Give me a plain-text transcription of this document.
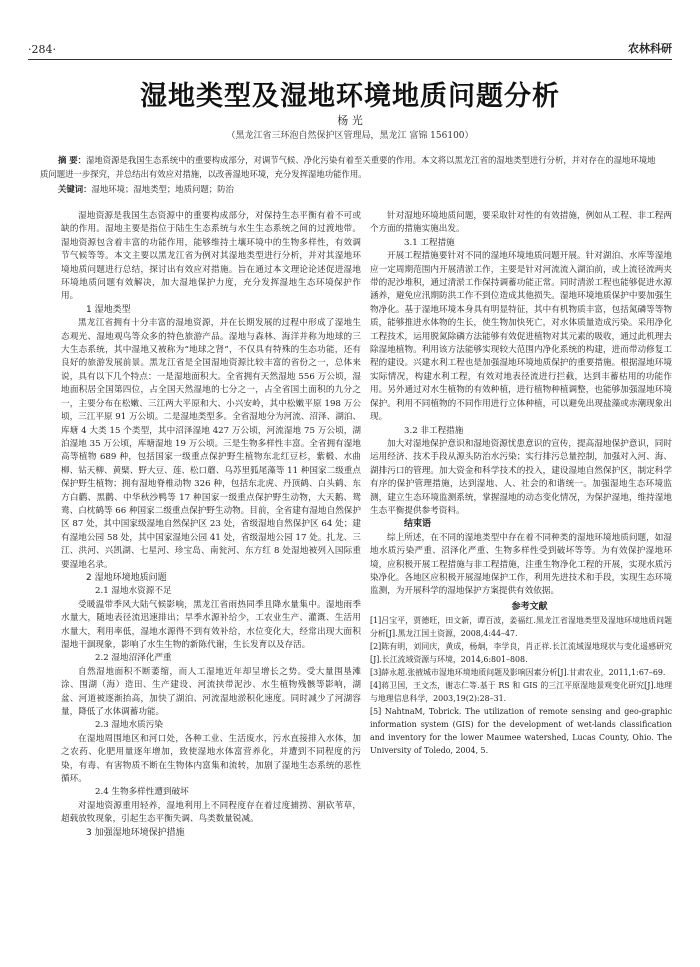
·284·	农林科研
湿地类型及湿地环境地质问题分析
杨 光
（黑龙江省三环泡自然保护区管理局，黑龙江 富锦 156100）
摘 要：湿地资源是我国生态系统中的重要构成部分，对调节气候、净化污染有着至关重要的作用。本文将以黑龙江省的湿地类型进行分析，并对存在的湿地环境地质问题进一步探究，并总结出有效应对措施，以改善湿地环境，充分发挥湿地功能作用。
关键词：湿地环境；湿地类型；地质问题；防治

湿地资源是我国生态资源中的重要构成部分，对保持生态平衡有着不可或缺的作用。湿地主要是指位于陆生生态系统与水生生态系统之间的过渡地带。湿地资源包含着丰富的功能作用，能够维持土壤环境中的生物多样性，有效调节气候等等。本文主要以黑龙江省为例对其湿地类型进行分析，并对其湿地环境地质问题进行总结，探讨出有效应对措施。旨在通过本文理论论述促进湿地环境地质问题有效解决，加大湿地保护力度，充分发挥湿地生态环境保护作用。

1 湿地类型

黑龙江省拥有十分丰富的湿地资源，并在长期发展的过程中形成了湿地生态观光、湿地观鸟等众多的特色旅游产品。湿地与森林、海洋并称为地球的三大生态系统，其中湿地又被称为“地球之肾”，不仅具有特殊的生态功能，还有良好的旅游发展前景。黑龙江省是全国湿地资源比较丰富的省份之一，总体来说，具有以下几个特点：一是湿地面积大。全省拥有天然湿地 556 万公顷，湿地面积居全国第四位，占全国天然湿地的七分之一，占全省国土面积的九分之一，主要分布在松嫩、三江两大平原和大、小兴安岭，其中松嫩平原 198 万公顷，三江平原 91 万公顷。二是湿地类型多。全省湿地分为河流、沼泽、湖泊、库塘 4 大类 15 个类型，其中沼泽湿地 427 万公顷，河流湿地 75 万公顷，湖泊湿地 35 万公顷，库塘湿地 19 万公顷。三是生物多样性丰富。全省拥有湿地高等植物 689 种，包括国家一级重点保护野生植物东北红豆杉，紫椴、水曲柳、钻天柳、黄檗、野大豆、莲、松口蘑、乌苏里狐尾藻等 11 种国家二级重点保护野生植物；拥有湿地脊椎动物 326 种，包括东北虎、丹顶鹤、白头鹤、东方白鹳、黑鹳、中华秋沙鸭等 17 种国家一级重点保护野生动物，大天鹅、鸳鸯、白枕鹤等 66 种国家二级重点保护野生动物。目前，全省建有湿地自然保护区 87 处，其中国家级湿地自然保护区 23 处，省级湿地自然保护区 64 处；建有湿地公园 58 处，其中国家湿地公园 41 处，省级湿地公园 17 处。扎龙、三江、洪河、兴凯湖、七星河、珍宝岛、南瓮河、东方红 8 处湿地被列入国际重要湿地名录。

2 湿地环境地质问题

2.1 湿地水资源不足

受暖温带季风大陆气候影响，黑龙江省雨热同季且降水量集中。湿地雨季水量大，随地表径流迅速排出；旱季水源补给少，工农业生产、灌溉、生活用水量大，利用率低，湿地水源得不到有效补给，水位变化大，经常出现大面积湿地干涸现象，影响了水生生物的新陈代谢，生长发育以及存活。

2.2 湿地沼泽化严重

自然湿地面积不断萎缩，而人工湿地近年却呈增长之势。受大量围垦滩涂、围湖（海）造田、生产建设、河流挟带泥沙、水生植物残骸等影响，湖盆、河道被逐渐抬高，加快了湖泊、河流湿地淤积化速度。同时减少了河湖容量，降低了水体调蓄功能。

2.3 湿地水质污染

在湿地周围地区和河口处，各种工业、生活废水，污水直接排入水体，加之农药、化肥用量逐年增加，致使湿地水体富营养化，并遭到不同程度的污染，有毒、有害物质不断在生物体内富集和流转，加剧了湿地生态系统的恶性循环。

2.4 生物多样性遭到破坏

对湿地资源重用轻养，湿地利用上不同程度存在着过度捕捞、割砍苇草，超载放牧现象，引起生态平衡失调、鸟类数量锐减。

3 加强湿地环境保护措施

针对湿地环境地质问题，要采取针对性的有效措施，例如从工程、非工程两个方面的措施实施出发。

3.1 工程措施

开展工程措施要针对不同的湿地环境地质问题开展。针对湖泊、水库等湿地应一定周期范围内开展清淤工作，主要是针对河流流入湖泊前，或上流径流两夹带的泥沙堆积，通过清淤工作保持调蓄功能正常。同时清淤工程也能够促进水源涵养，避免应汛期防洪工作不到位造成其他损失。湿地环境地质保护中要加强生物净化。基于湿地环境本身具有明显特征，其中有机物质丰富，包括氮磷等等物质，能够推进水体物的生长，使生物加快死亡，对水体质量造成污染。采用净化工程技术，运用脱氮除磷方法能够有效促进植物对其元素的吸收，通过此机理去除湿地植物。利用该方法能够实现较大范围内净化系统的构建，进而带动修复工程的建设。兴建水利工程也是加强湿地环境地质保护的重要措施。根据湿地环境实际情况，构建水利工程，有效对地表径流进行拦截，达到丰蓄枯用的功能作用。另外通过对水生植物的有效种植，进行植物种植调整，也能够加强湿地环境保护。利用不同植物的不同作用进行立体种植，可以避免出现盐藻或赤潮现象出现。

3.2 非工程措施

加大对湿地保护意识和湿地资源忧患意识的宣传，提高湿地保护意识，同时运用经济、技术手段从源头防治水污染；实行排污总量控制，加强对入河、海、湖排污口的管理。加大资金和科学技术的投入，建设湿地自然保护区，制定科学有序的保护管理措施，达到湿地、人、社会的和谐统一。加强湿地生态环境监测，建立生态环境监测系统，掌握湿地的动态变化情况，为保护湿地，维持湿地生态平衡提供参考资料。

结束语

综上所述，在不同的湿地类型中存在着不同种类的湿地环境地质问题，如湿地水质污染严重、沼泽化严重、生物多样性受到破坏等等。为有效保护湿地环境，应积极开展工程措施与非工程措施，注重生物净化工程的开展，实现水质污染净化。各地区应积极开展湿地保护工作，利用先进技术和手段，实现生态环境监测，为开展科学的湿地保护方案提供有效依据。

参考文献

[1]吕宝平，贾德旺，田文新，谭百波，姜福红.黑龙江省湿地类型及湿地环境地质问题分析[J].黑龙江国土资源，2008,4:44–47.

[2]陈有明，刘同庆，黄成，杨炯，李学良，肖正祥.长江流域湿地现状与变化遥感研究[J].长江流域资源与环境，2014,6:801–808.

[3]薛永超.张掖城市湿地环境地质问题及影响因素分析[J].甘肃农业，2011,1:67–69.

[4]蒋卫国，王文杰，谢志仁等.基于 RS 和 GIS 的三江平原湿地景观变化研究[J].地理与地理信息科学，2003,19(2):28–31.

[5] NahtnaM, Tobrick. The utilization of remote sensing and geo-graphic information system (GIS) for the development of wet-lands classification and inventory for the lower Maumee watershed, Lucas County, Ohio. The University of Toledo, 2004, 5.
